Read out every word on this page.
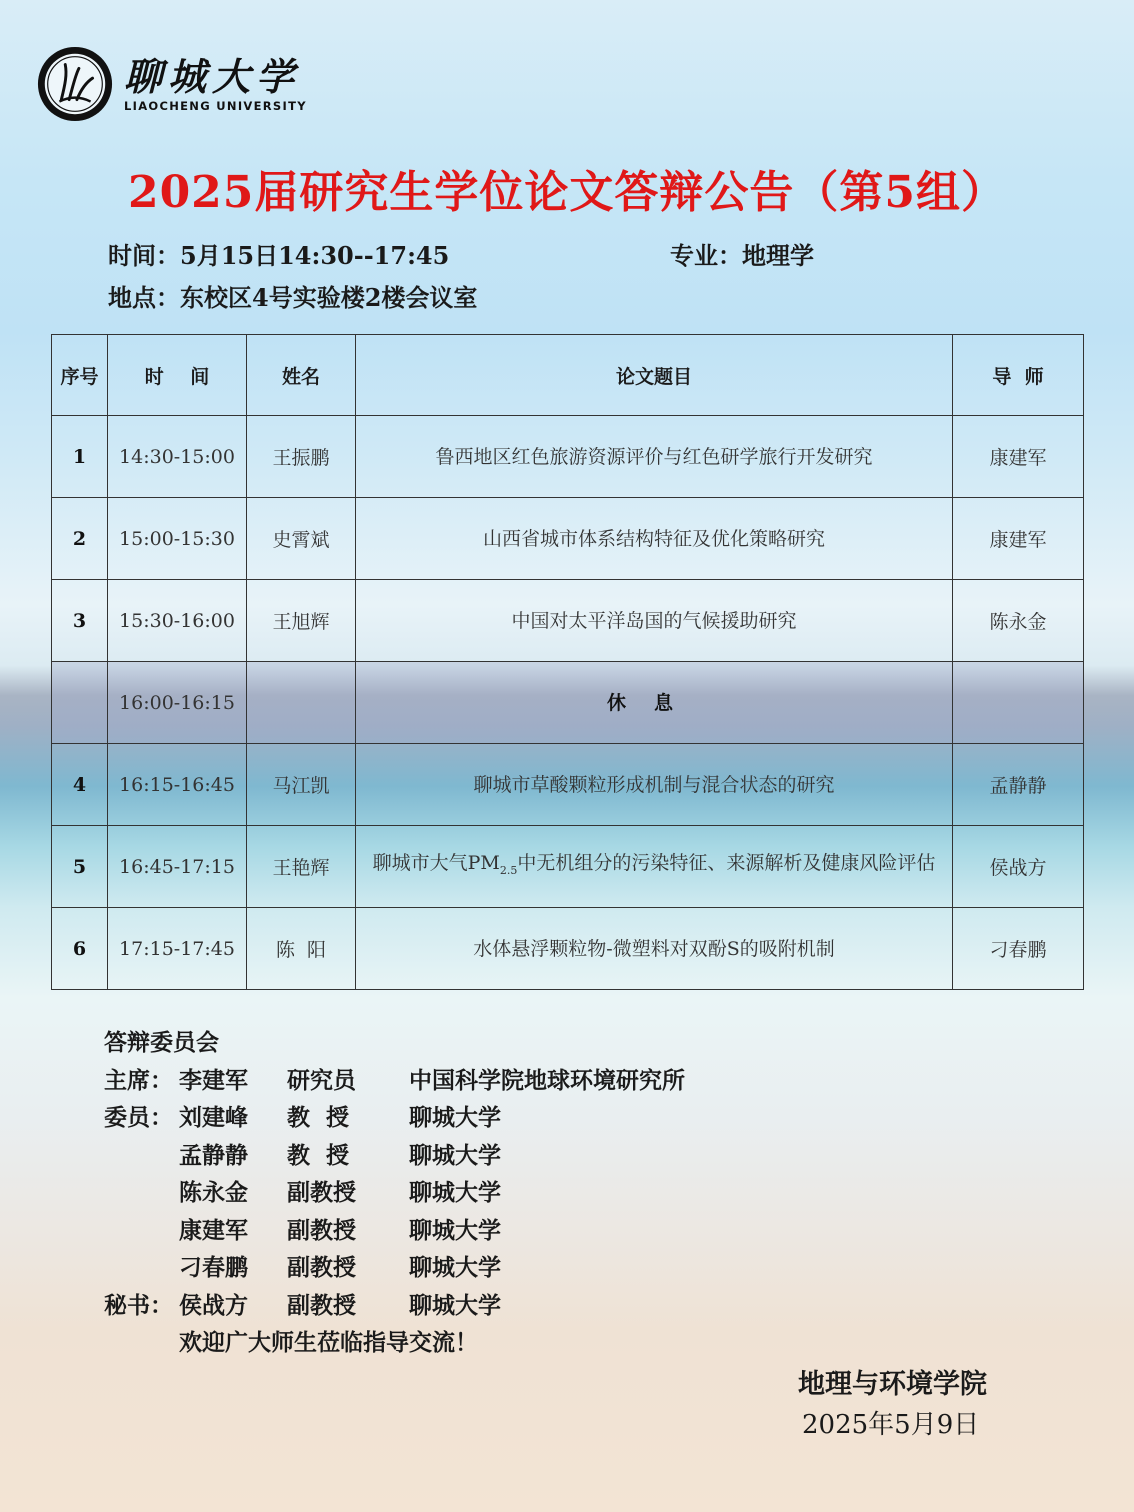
聊城大学
LIAOCHENG UNIVERSITY
2025届研究生学位论文答辩公告（第5组）
时间：5月15日14:30--17:45	专业：地理学
地点：东校区4号实验楼2楼会议室
序号	时    间	姓名	论文题目	导  师
1	14:30-15:00	王振鹏	鲁西地区红色旅游资源评价与红色研学旅行开发研究	康建军
2	15:00-15:30	史霄斌	山西省城市体系结构特征及优化策略研究	康建军
3	15:30-16:00	王旭辉	中国对太平洋岛国的气候援助研究	陈永金
	16:00-16:15		休息	
4	16:15-16:45	马江凯	聊城市草酸颗粒形成机制与混合状态的研究	孟静静
5	16:45-17:15	王艳辉	聊城市大气$PM_{2.5}$中无机组分的污染特征、来源解析及健康风险评估	侯战方
6	17:15-17:45	陈  阳	水体悬浮颗粒物-微塑料对双酚S的吸附机制	刁春鹏
答辩委员会
主席： 李建军	研究员	中国科学院地球环境研究所
委员： 刘建峰	教  授	聊城大学
孟静静	教  授	聊城大学
陈永金	副教授	聊城大学
康建军	副教授	聊城大学
刁春鹏	副教授	聊城大学
秘书： 侯战方	副教授	聊城大学
欢迎广大师生莅临指导交流！
地理与环境学院
2025年5月9日
